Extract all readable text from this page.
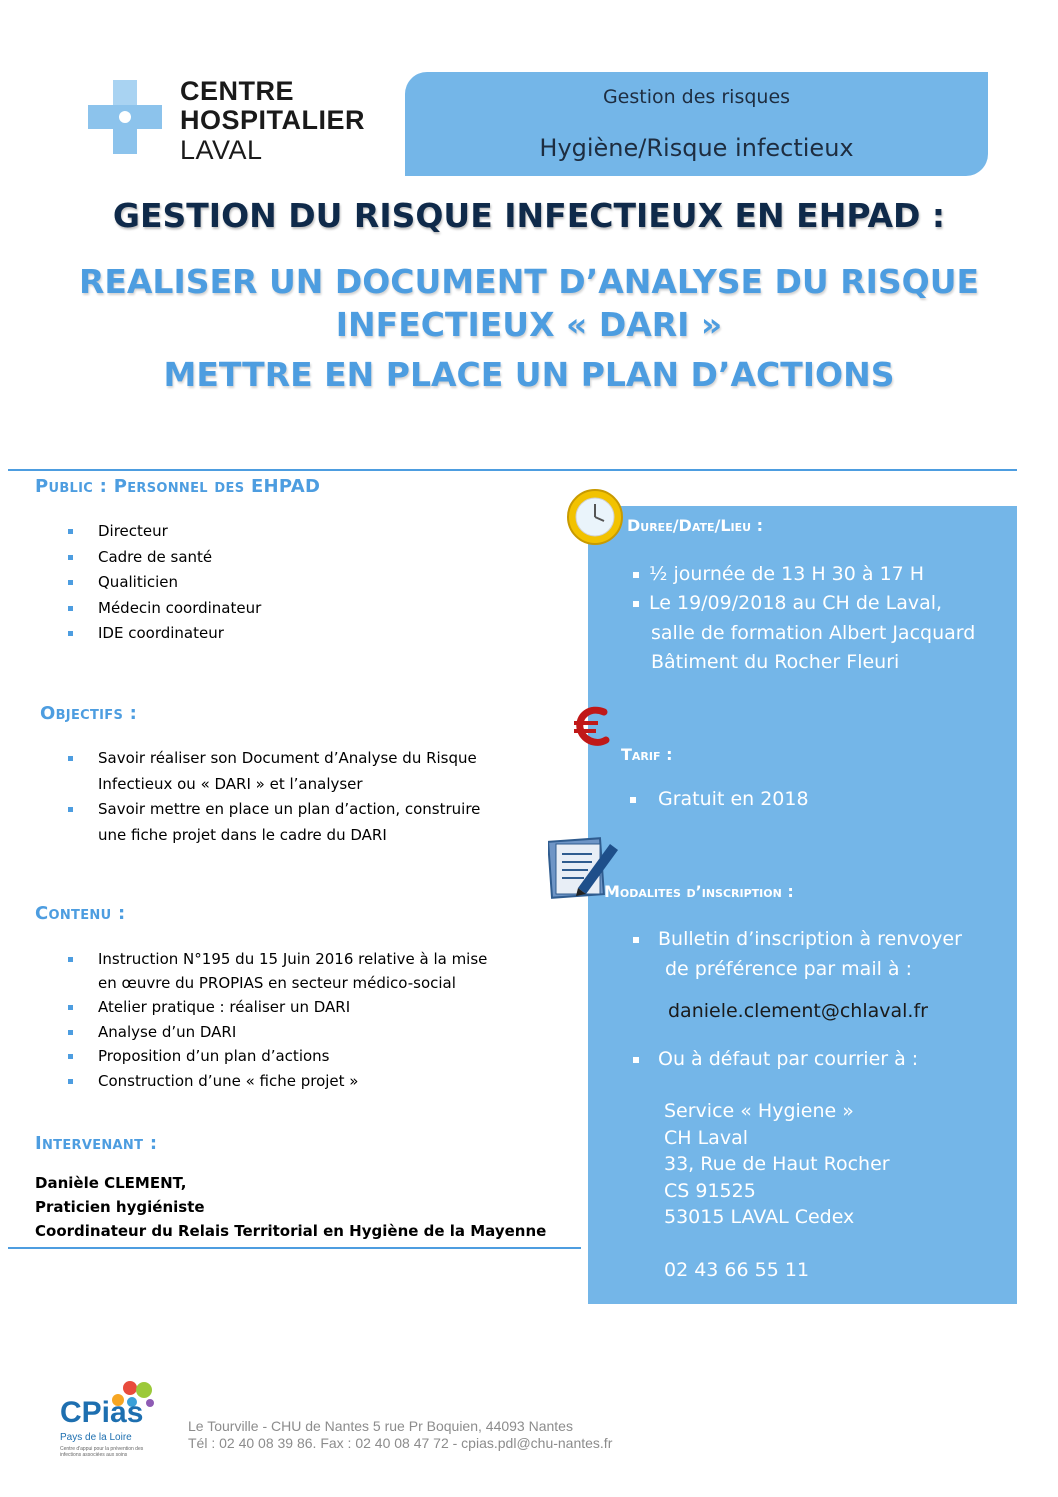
CENTRE
HOSPITALIER
LAVAL
Gestion des risques
Hygiène/Risque infectieux
GESTION DU RISQUE INFECTIEUX EN EHPAD :
REALISER UN DOCUMENT D’ANALYSE DU RISQUE
INFECTIEUX « DARI »
METTRE EN PLACE UN PLAN D’ACTIONS
Public : Personnel des EHPAD
Directeur
Cadre de santé
Qualiticien
Médecin coordinateur
IDE coordinateur
Objectifs :
Savoir réaliser son Document d’Analyse du Risque
Infectieux ou « DARI » et l’analyser
Savoir mettre en place un plan d’action, construire
une fiche projet dans le cadre du DARI
Contenu :
Instruction N°195 du 15 Juin 2016 relative à la mise
en œuvre du PROPIAS en secteur médico-social
Atelier pratique : réaliser un DARI
Analyse d’un DARI
Proposition d’un plan d’actions
Construction d’une « fiche projet »
Intervenant :
Danièle CLEMENT,
Praticien hygiéniste
Coordinateur du Relais Territorial en Hygiène de la Mayenne
Duree/Date/Lieu :
½ journée de 13 H 30 à 17 H
Le 19/09/2018 au CH de Laval,
salle de formation Albert Jacquard
Bâtiment du Rocher Fleuri
Tarif :
Gratuit en 2018
Modalites d’inscription :
Bulletin d’inscription à renvoyer
de préférence par mail à :
daniele.clement@chlaval.fr
Ou à défaut par courrier à :
Service « Hygiene »
CH Laval
33, Rue de Haut Rocher
CS 91525
53015 LAVAL Cedex
02 43 66 55 11
CPias
Pays de la Loire
Centre d'appui pour la prévention des infections associées aux soins
Le Tourville - CHU de Nantes 5 rue Pr Boquien, 44093 Nantes
Tél : 02 40 08 39 86. Fax : 02 40 08 47 72 - cpias.pdl@chu-nantes.fr
